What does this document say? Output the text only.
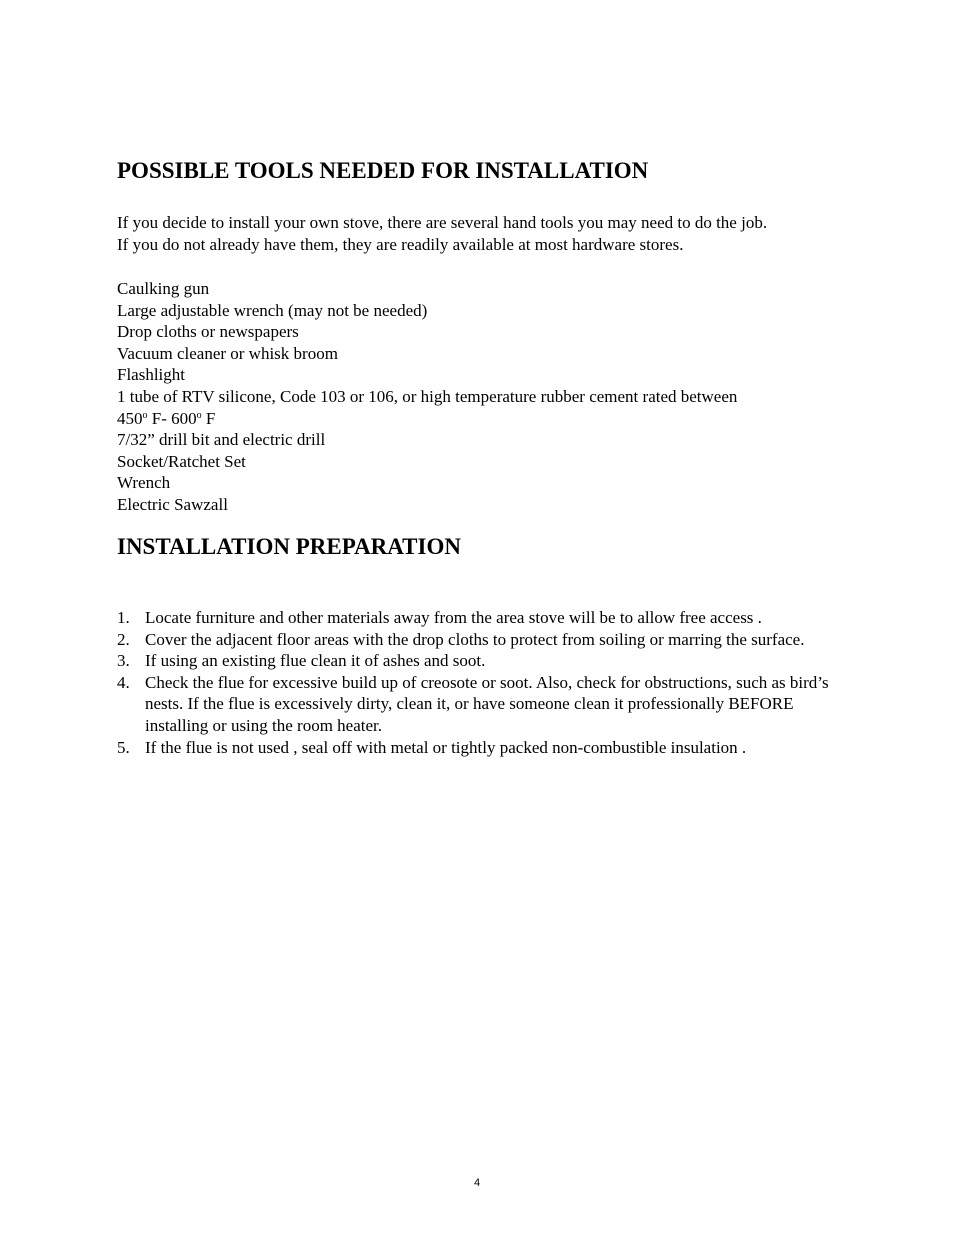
POSSIBLE TOOLS NEEDED FOR INSTALLATION

If you decide to install your own stove, there are several hand tools you may need to do the job.

If you do not already have them, they are readily available at most hardware stores.

Caulking gun
Large adjustable wrench (may not be needed)
Drop cloths or newspapers
Vacuum cleaner or whisk broom
Flashlight
1 tube of RTV silicone, Code 103 or 106, or high temperature rubber cement rated between
450$^o$ F- 600$^o$ F
7/32” drill bit and electric drill
Socket/Ratchet Set
Wrench
Electric Sawzall
INSTALLATION PREPARATION
1. Locate furniture and other materials away from the area stove will be to allow free access .
2. Cover the adjacent floor areas with the drop cloths to protect from soiling or marring the surface.
3. If using an existing flue clean it of ashes and soot.
4. Check the flue for excessive build up of creosote or soot. Also, check for obstructions, such as bird’s nests. If the flue is excessively dirty, clean it, or have someone clean it professionally BEFORE installing or using the room heater.
5. If the flue is not used , seal off with metal or tightly packed non-combustible insulation .
4
